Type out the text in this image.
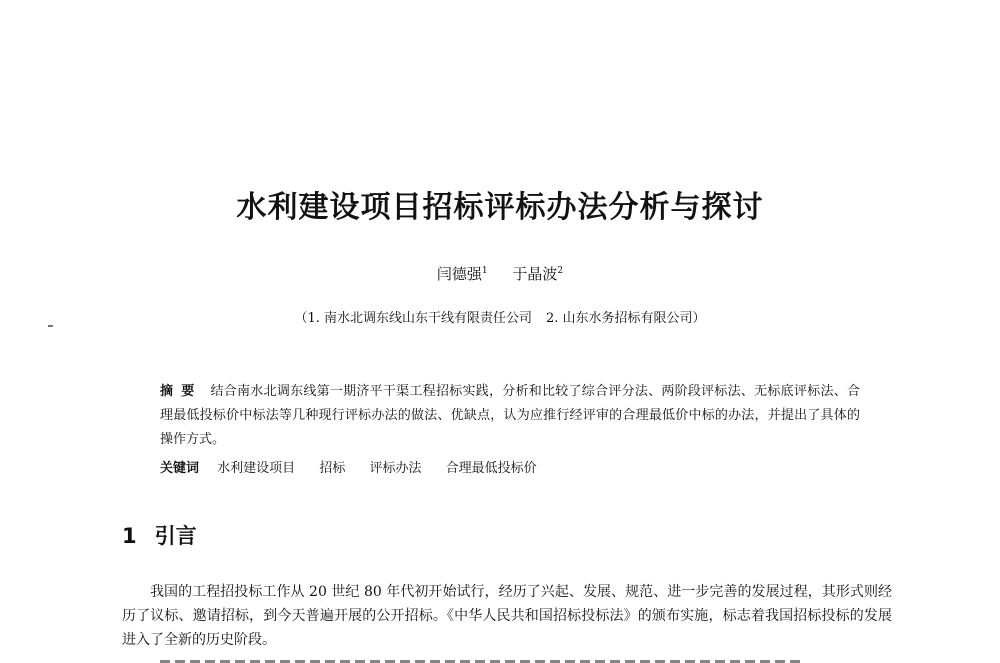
水利建设项目招标评标办法分析与探讨
闫德强$^1$ 于晶波$^2$
（1. 南水北调东线山东干线有限责任公司 2. 山东水务招标有限公司）
摘要 结合南水北调东线第一期济平干渠工程招标实践，分析和比较了综合评分法、两阶段评标法、无标底评标法、合理最低投标价中标法等几种现行评标办法的做法、优缺点，认为应推行经评审的合理最低价中标的办法，并提出了具体的操作方式。
关键词 水利建设项目 招标 评标办法 合理最低投标价
1 引言
我国的工程招投标工作从 20 世纪 80 年代初开始试行，经历了兴起、发展、规范、进一步完善的发展过程，其形式则经历了议标、邀请招标，到今天普遍开展的公开招标。《中华人民共和国招标投标法》的颁布实施，标志着我国招标投标的发展进入了全新的历史阶段。
